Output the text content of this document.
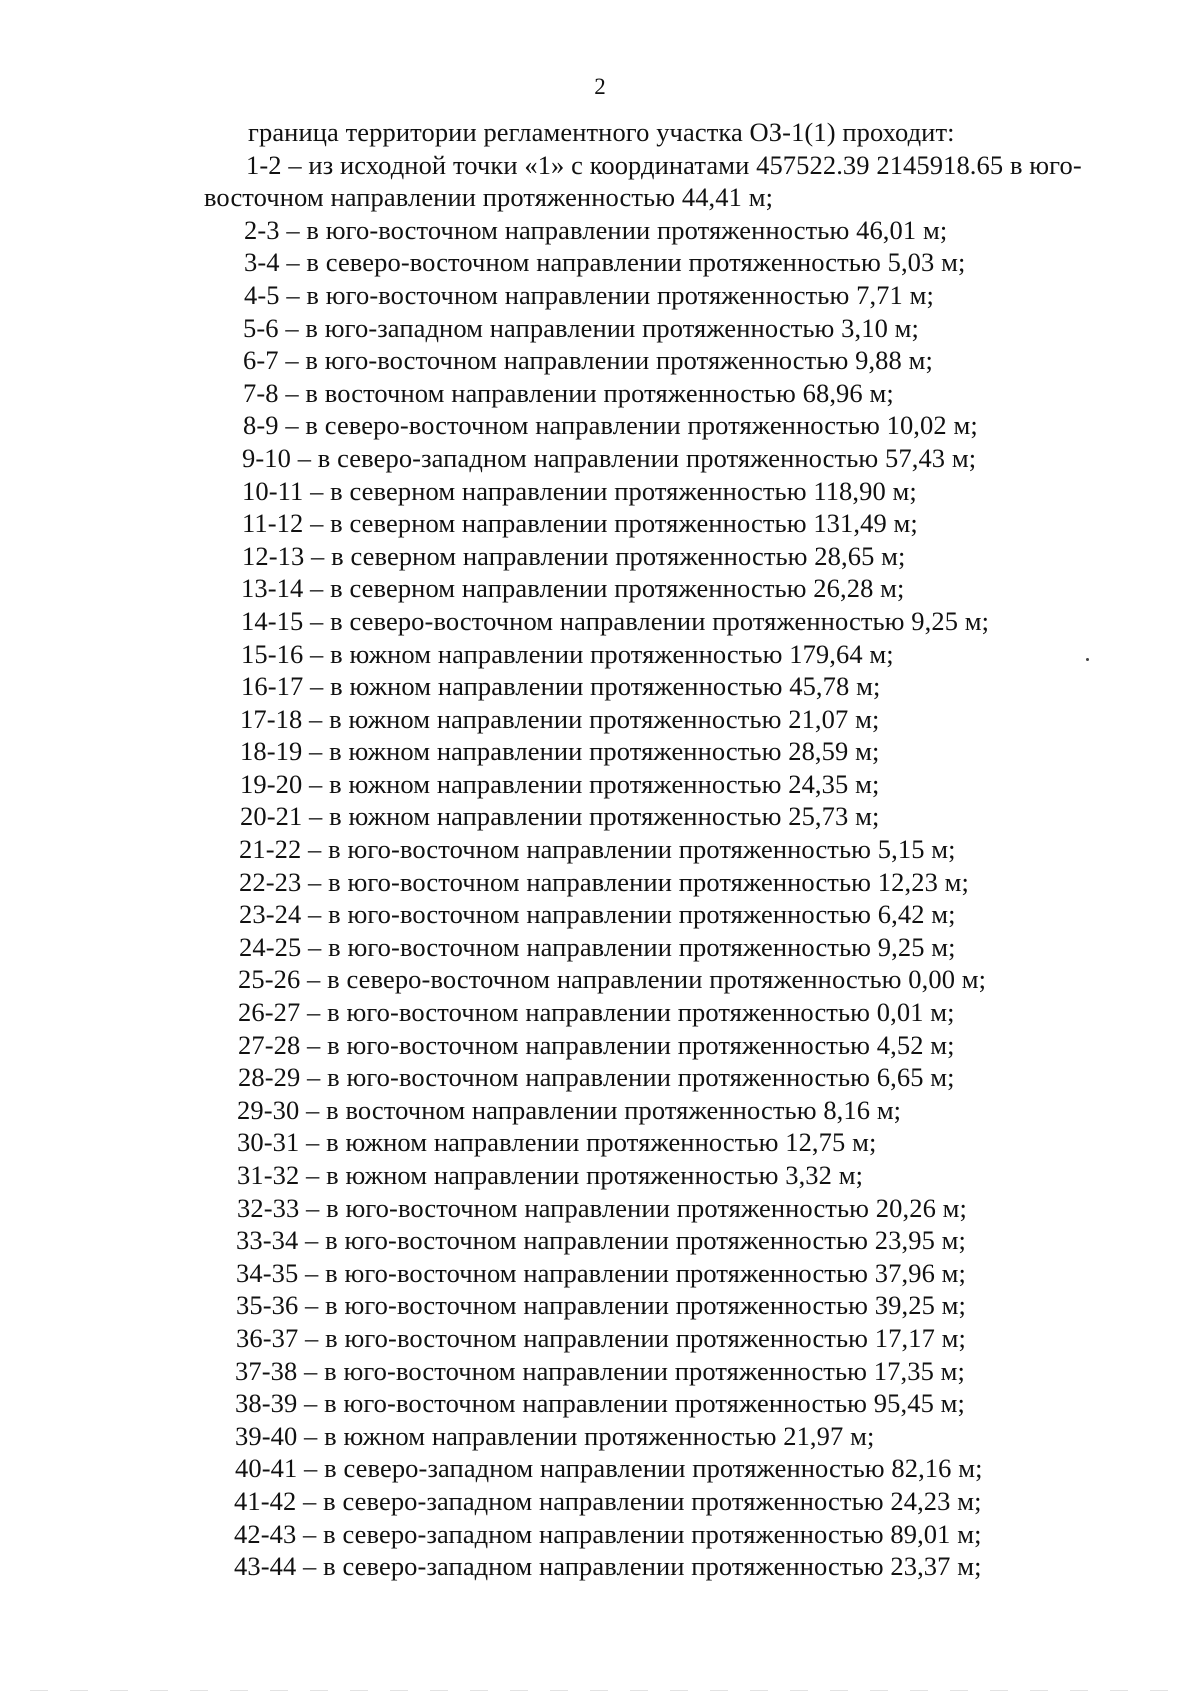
2

граница территории регламентного участка ОЗ-1(1) проходит:

1-2 – из исходной точки «1» с координатами 457522.39 2145918.65 в юго-

восточном направлении протяженностью 44,41 м;

2-3 – в юго-восточном направлении протяженностью 46,01 м;

3-4 – в северо-восточном направлении протяженностью 5,03 м;

4-5 – в юго-восточном направлении протяженностью 7,71 м;

5-6 – в юго-западном направлении протяженностью 3,10 м;

6-7 – в юго-восточном направлении протяженностью 9,88 м;

7-8 – в восточном направлении протяженностью 68,96 м;

8-9 – в северо-восточном направлении протяженностью 10,02 м;

9-10 – в северо-западном направлении протяженностью 57,43 м;

10-11 – в северном направлении протяженностью 118,90 м;

11-12 – в северном направлении протяженностью 131,49 м;

12-13 – в северном направлении протяженностью 28,65 м;

13-14 – в северном направлении протяженностью 26,28 м;

14-15 – в северо-восточном направлении протяженностью 9,25 м;

15-16 – в южном направлении протяженностью 179,64 м;

16-17 – в южном направлении протяженностью 45,78 м;

17-18 – в южном направлении протяженностью 21,07 м;

18-19 – в южном направлении протяженностью 28,59 м;

19-20 – в южном направлении протяженностью 24,35 м;

20-21 – в южном направлении протяженностью 25,73 м;

21-22 – в юго-восточном направлении протяженностью 5,15 м;

22-23 – в юго-восточном направлении протяженностью 12,23 м;

23-24 – в юго-восточном направлении протяженностью 6,42 м;

24-25 – в юго-восточном направлении протяженностью 9,25 м;

25-26 – в северо-восточном направлении протяженностью 0,00 м;

26-27 – в юго-восточном направлении протяженностью 0,01 м;

27-28 – в юго-восточном направлении протяженностью 4,52 м;

28-29 – в юго-восточном направлении протяженностью 6,65 м;

29-30 – в восточном направлении протяженностью 8,16 м;

30-31 – в южном направлении протяженностью 12,75 м;

31-32 – в южном направлении протяженностью 3,32 м;

32-33 – в юго-восточном направлении протяженностью 20,26 м;

33-34 – в юго-восточном направлении протяженностью 23,95 м;

34-35 – в юго-восточном направлении протяженностью 37,96 м;

35-36 – в юго-восточном направлении протяженностью 39,25 м;

36-37 – в юго-восточном направлении протяженностью 17,17 м;

37-38 – в юго-восточном направлении протяженностью 17,35 м;

38-39 – в юго-восточном направлении протяженностью 95,45 м;

39-40 – в южном направлении протяженностью 21,97 м;

40-41 – в северо-западном направлении протяженностью 82,16 м;

41-42 – в северо-западном направлении протяженностью 24,23 м;

42-43 – в северо-западном направлении протяженностью 89,01 м;

43-44 – в северо-западном направлении протяженностью 23,37 м;
